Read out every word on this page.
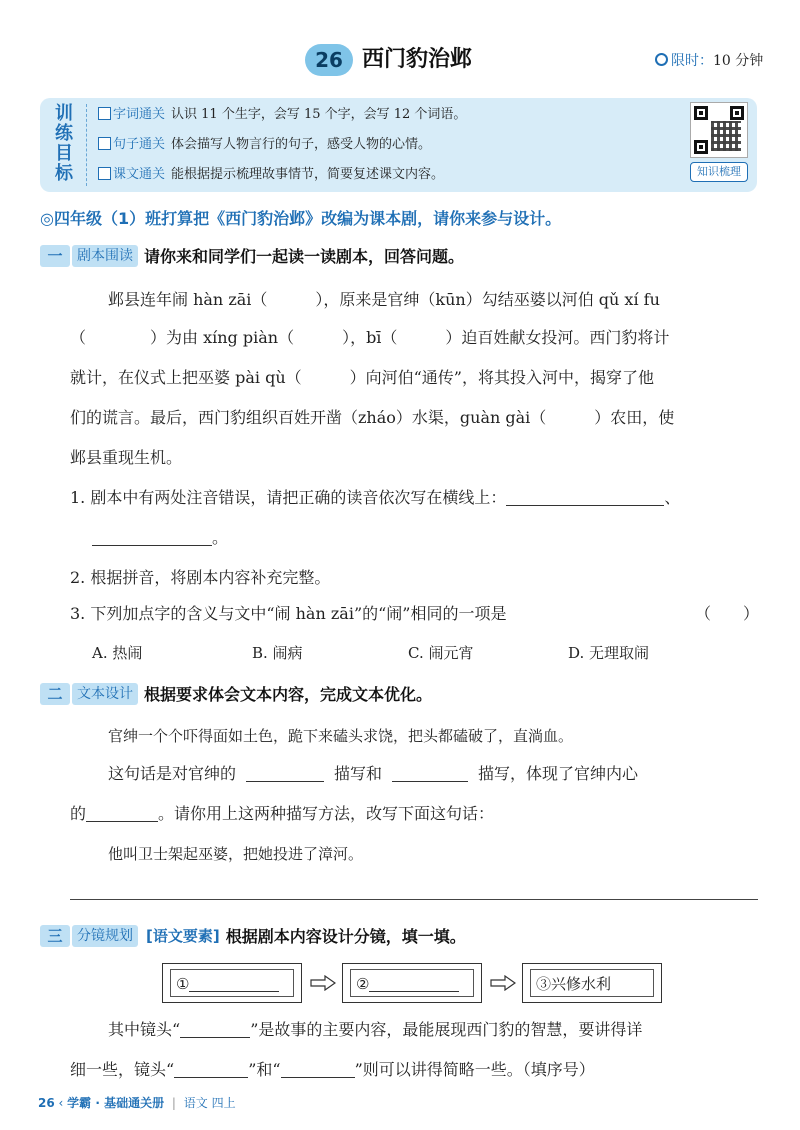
26 西门豹治邺	限时：10 分钟
训
练
目
标
字词通关 认识 11 个生字，会写 15 个字，会写 12 个词语。
句子通关 体会描写人物言行的句子，感受人物的心情。
课文通关 能根据提示梳理故事情节，简要复述课文内容。	知识梳理
◎四年级（1）班打算把《西门豹治邺》改编为课本剧，请你来参与设计。
一 剧本围读 请你来和同学们一起读一读剧本，回答问题。
邺县连年闹 hàn zāi（　　　），原来是官绅（kūn）勾结巫婆以河伯 qǔ xí fu
（　　　　）为由 xíng piàn（　　　），bī（　　　）迫百姓献女投河。西门豹将计
就计，在仪式上把巫婆 pài qù（　　　）向河伯“通传”，将其投入河中，揭穿了他
们的谎言。最后，西门豹组织百姓开凿（zháo）水渠，guàn gài（　　　）农田，使
邺县重现生机。
1. 剧本中有两处注音错误，请把正确的读音依次写在横线上：	、
。
2. 根据拼音，将剧本内容补充完整。
3. 下列加点字的含义与文中“闹 hàn zāi”的“闹”相同的一项是	（　　）
A. 热闹	B. 闹病	C. 闹元宵	D. 无理取闹
二 文本设计 根据要求体会文本内容，完成文本优化。
官绅一个个吓得面如土色，跪下来磕头求饶，把头都磕破了，直淌血。
这句话是对官绅的	描写和	描写，体现了官绅内心
的	。请你用上这两种描写方法，改写下面这句话：
他叫卫士架起巫婆，把她投进了漳河。
三 分镜规划 [语文要素] 根据剧本内容设计分镜，填一填。
①	②	③兴修水利
其中镜头“	”是故事的主要内容，最能展现西门豹的智慧，要讲得详
细一些，镜头“	”和“	”则可以讲得简略一些。（填序号）
26 ‹ 学霸 · 基础通关册 | 语文 四上
